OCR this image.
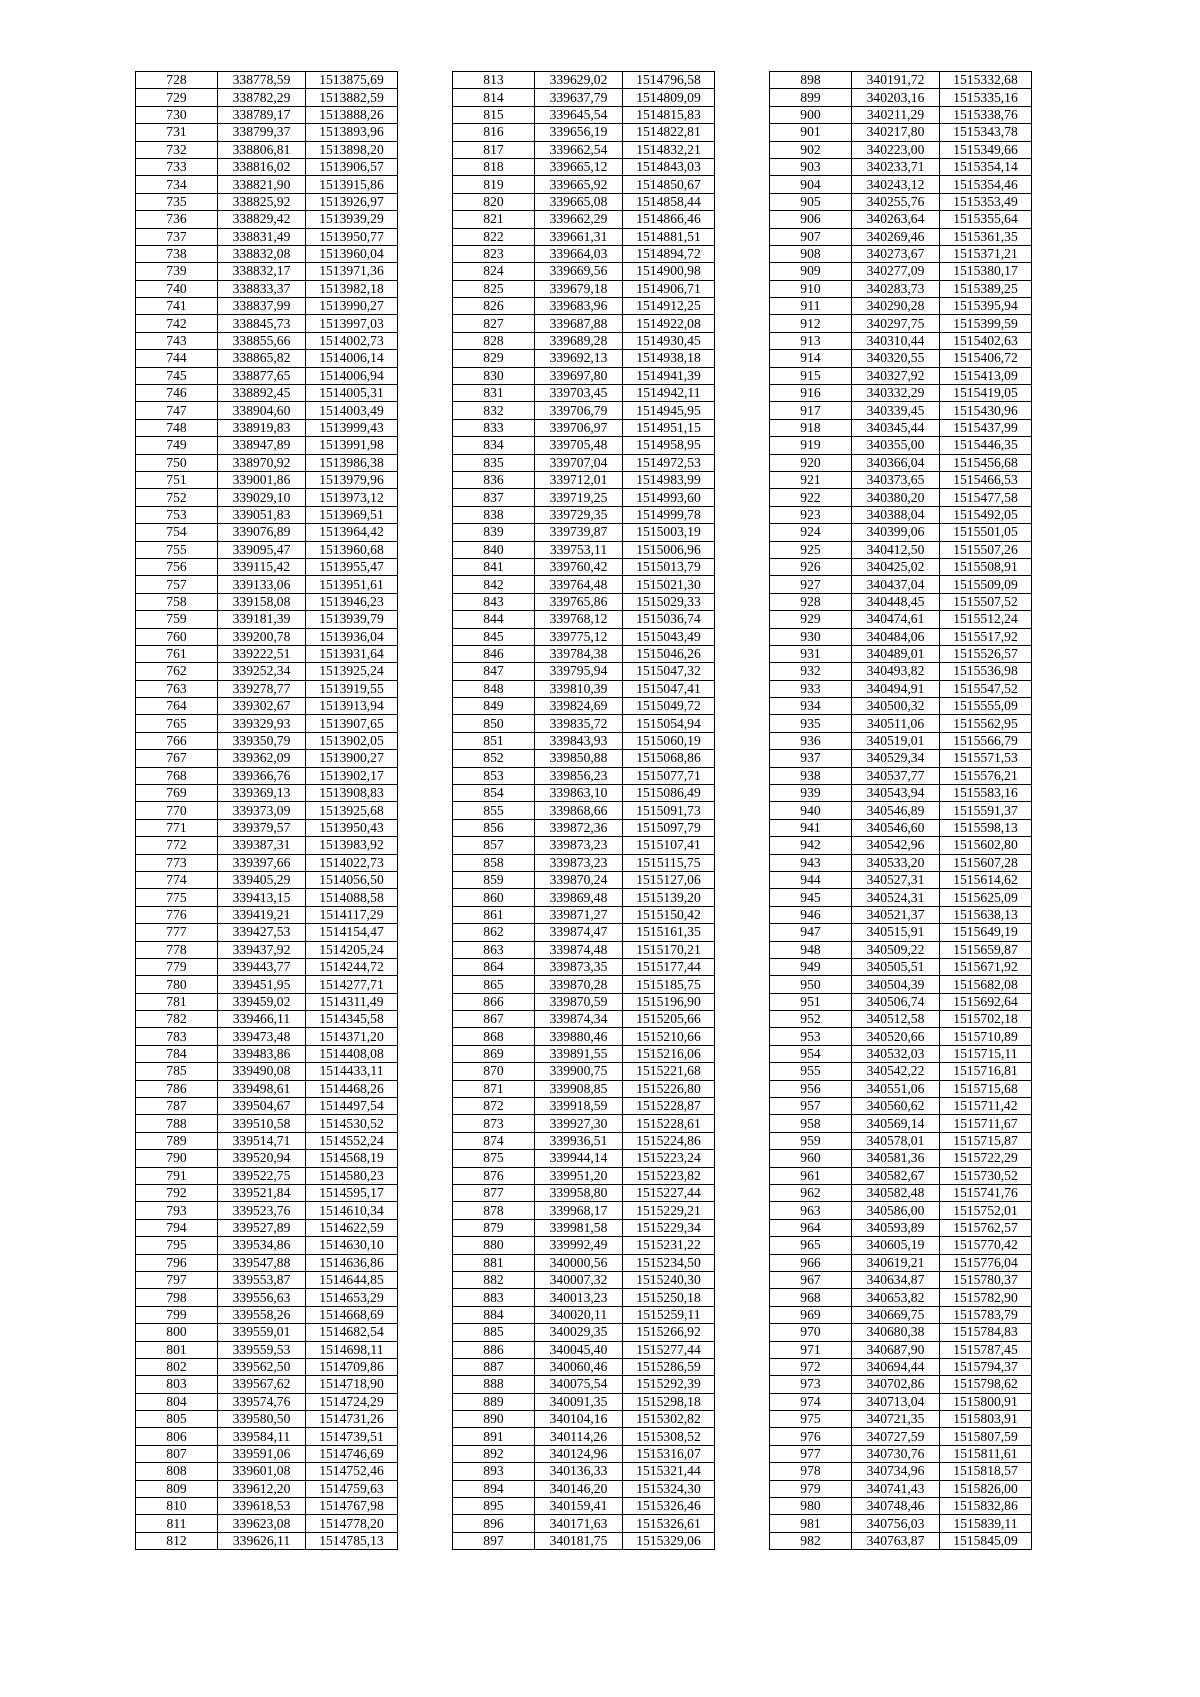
728	338778,59	1513875,69
729	338782,29	1513882,59
730	338789,17	1513888,26
731	338799,37	1513893,96
732	338806,81	1513898,20
733	338816,02	1513906,57
734	338821,90	1513915,86
735	338825,92	1513926,97
736	338829,42	1513939,29
737	338831,49	1513950,77
738	338832,08	1513960,04
739	338832,17	1513971,36
740	338833,37	1513982,18
741	338837,99	1513990,27
742	338845,73	1513997,03
743	338855,66	1514002,73
744	338865,82	1514006,14
745	338877,65	1514006,94
746	338892,45	1514005,31
747	338904,60	1514003,49
748	338919,83	1513999,43
749	338947,89	1513991,98
750	338970,92	1513986,38
751	339001,86	1513979,96
752	339029,10	1513973,12
753	339051,83	1513969,51
754	339076,89	1513964,42
755	339095,47	1513960,68
756	339115,42	1513955,47
757	339133,06	1513951,61
758	339158,08	1513946,23
759	339181,39	1513939,79
760	339200,78	1513936,04
761	339222,51	1513931,64
762	339252,34	1513925,24
763	339278,77	1513919,55
764	339302,67	1513913,94
765	339329,93	1513907,65
766	339350,79	1513902,05
767	339362,09	1513900,27
768	339366,76	1513902,17
769	339369,13	1513908,83
770	339373,09	1513925,68
771	339379,57	1513950,43
772	339387,31	1513983,92
773	339397,66	1514022,73
774	339405,29	1514056,50
775	339413,15	1514088,58
776	339419,21	1514117,29
777	339427,53	1514154,47
778	339437,92	1514205,24
779	339443,77	1514244,72
780	339451,95	1514277,71
781	339459,02	1514311,49
782	339466,11	1514345,58
783	339473,48	1514371,20
784	339483,86	1514408,08
785	339490,08	1514433,11
786	339498,61	1514468,26
787	339504,67	1514497,54
788	339510,58	1514530,52
789	339514,71	1514552,24
790	339520,94	1514568,19
791	339522,75	1514580,23
792	339521,84	1514595,17
793	339523,76	1514610,34
794	339527,89	1514622,59
795	339534,86	1514630,10
796	339547,88	1514636,86
797	339553,87	1514644,85
798	339556,63	1514653,29
799	339558,26	1514668,69
800	339559,01	1514682,54
801	339559,53	1514698,11
802	339562,50	1514709,86
803	339567,62	1514718,90
804	339574,76	1514724,29
805	339580,50	1514731,26
806	339584,11	1514739,51
807	339591,06	1514746,69
808	339601,08	1514752,46
809	339612,20	1514759,63
810	339618,53	1514767,98
811	339623,08	1514778,20
812	339626,11	1514785,13
813	339629,02	1514796,58
814	339637,79	1514809,09
815	339645,54	1514815,83
816	339656,19	1514822,81
817	339662,54	1514832,21
818	339665,12	1514843,03
819	339665,92	1514850,67
820	339665,08	1514858,44
821	339662,29	1514866,46
822	339661,31	1514881,51
823	339664,03	1514894,72
824	339669,56	1514900,98
825	339679,18	1514906,71
826	339683,96	1514912,25
827	339687,88	1514922,08
828	339689,28	1514930,45
829	339692,13	1514938,18
830	339697,80	1514941,39
831	339703,45	1514942,11
832	339706,79	1514945,95
833	339706,97	1514951,15
834	339705,48	1514958,95
835	339707,04	1514972,53
836	339712,01	1514983,99
837	339719,25	1514993,60
838	339729,35	1514999,78
839	339739,87	1515003,19
840	339753,11	1515006,96
841	339760,42	1515013,79
842	339764,48	1515021,30
843	339765,86	1515029,33
844	339768,12	1515036,74
845	339775,12	1515043,49
846	339784,38	1515046,26
847	339795,94	1515047,32
848	339810,39	1515047,41
849	339824,69	1515049,72
850	339835,72	1515054,94
851	339843,93	1515060,19
852	339850,88	1515068,86
853	339856,23	1515077,71
854	339863,10	1515086,49
855	339868,66	1515091,73
856	339872,36	1515097,79
857	339873,23	1515107,41
858	339873,23	1515115,75
859	339870,24	1515127,06
860	339869,48	1515139,20
861	339871,27	1515150,42
862	339874,47	1515161,35
863	339874,48	1515170,21
864	339873,35	1515177,44
865	339870,28	1515185,75
866	339870,59	1515196,90
867	339874,34	1515205,66
868	339880,46	1515210,66
869	339891,55	1515216,06
870	339900,75	1515221,68
871	339908,85	1515226,80
872	339918,59	1515228,87
873	339927,30	1515228,61
874	339936,51	1515224,86
875	339944,14	1515223,24
876	339951,20	1515223,82
877	339958,80	1515227,44
878	339968,17	1515229,21
879	339981,58	1515229,34
880	339992,49	1515231,22
881	340000,56	1515234,50
882	340007,32	1515240,30
883	340013,23	1515250,18
884	340020,11	1515259,11
885	340029,35	1515266,92
886	340045,40	1515277,44
887	340060,46	1515286,59
888	340075,54	1515292,39
889	340091,35	1515298,18
890	340104,16	1515302,82
891	340114,26	1515308,52
892	340124,96	1515316,07
893	340136,33	1515321,44
894	340146,20	1515324,30
895	340159,41	1515326,46
896	340171,63	1515326,61
897	340181,75	1515329,06
898	340191,72	1515332,68
899	340203,16	1515335,16
900	340211,29	1515338,76
901	340217,80	1515343,78
902	340223,00	1515349,66
903	340233,71	1515354,14
904	340243,12	1515354,46
905	340255,76	1515353,49
906	340263,64	1515355,64
907	340269,46	1515361,35
908	340273,67	1515371,21
909	340277,09	1515380,17
910	340283,73	1515389,25
911	340290,28	1515395,94
912	340297,75	1515399,59
913	340310,44	1515402,63
914	340320,55	1515406,72
915	340327,92	1515413,09
916	340332,29	1515419,05
917	340339,45	1515430,96
918	340345,44	1515437,99
919	340355,00	1515446,35
920	340366,04	1515456,68
921	340373,65	1515466,53
922	340380,20	1515477,58
923	340388,04	1515492,05
924	340399,06	1515501,05
925	340412,50	1515507,26
926	340425,02	1515508,91
927	340437,04	1515509,09
928	340448,45	1515507,52
929	340474,61	1515512,24
930	340484,06	1515517,92
931	340489,01	1515526,57
932	340493,82	1515536,98
933	340494,91	1515547,52
934	340500,32	1515555,09
935	340511,06	1515562,95
936	340519,01	1515566,79
937	340529,34	1515571,53
938	340537,77	1515576,21
939	340543,94	1515583,16
940	340546,89	1515591,37
941	340546,60	1515598,13
942	340542,96	1515602,80
943	340533,20	1515607,28
944	340527,31	1515614,62
945	340524,31	1515625,09
946	340521,37	1515638,13
947	340515,91	1515649,19
948	340509,22	1515659,87
949	340505,51	1515671,92
950	340504,39	1515682,08
951	340506,74	1515692,64
952	340512,58	1515702,18
953	340520,66	1515710,89
954	340532,03	1515715,11
955	340542,22	1515716,81
956	340551,06	1515715,68
957	340560,62	1515711,42
958	340569,14	1515711,67
959	340578,01	1515715,87
960	340581,36	1515722,29
961	340582,67	1515730,52
962	340582,48	1515741,76
963	340586,00	1515752,01
964	340593,89	1515762,57
965	340605,19	1515770,42
966	340619,21	1515776,04
967	340634,87	1515780,37
968	340653,82	1515782,90
969	340669,75	1515783,79
970	340680,38	1515784,83
971	340687,90	1515787,45
972	340694,44	1515794,37
973	340702,86	1515798,62
974	340713,04	1515800,91
975	340721,35	1515803,91
976	340727,59	1515807,59
977	340730,76	1515811,61
978	340734,96	1515818,57
979	340741,43	1515826,00
980	340748,46	1515832,86
981	340756,03	1515839,11
982	340763,87	1515845,09
